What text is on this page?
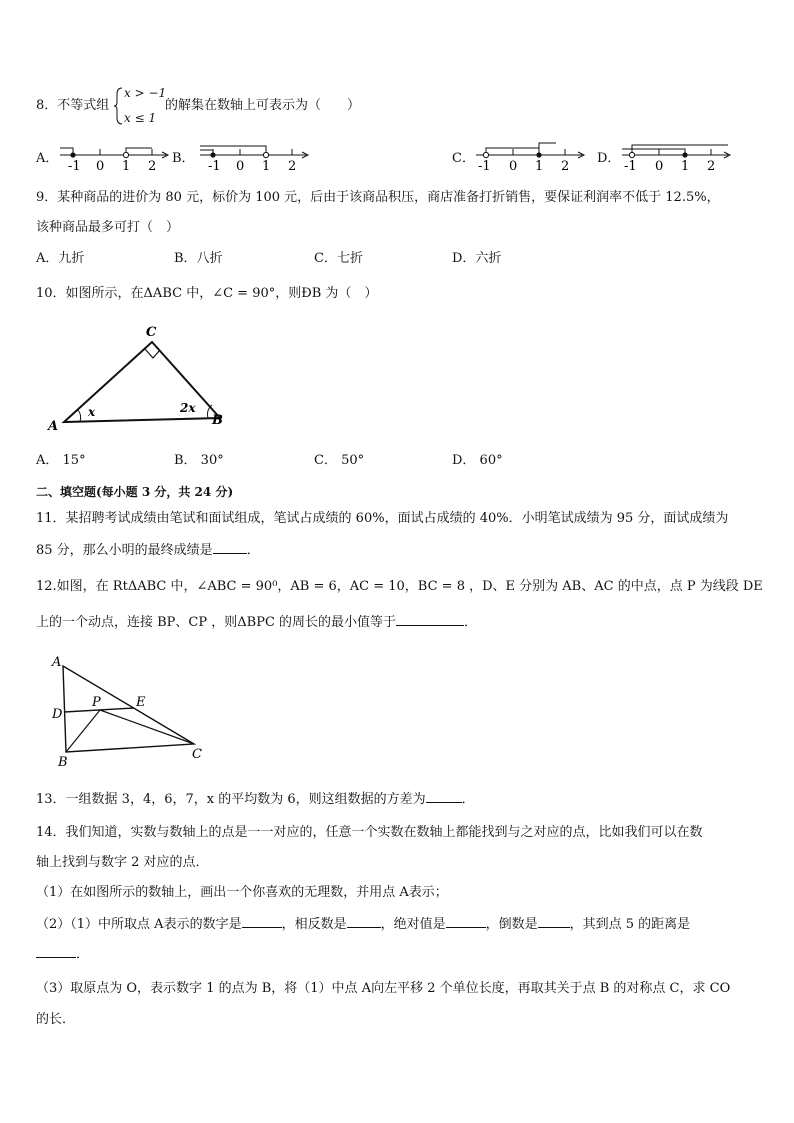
8．不等式组
x > −1
x ≤ 1
的解集在数轴上可表示为（　　）
A．	B．	C．	D．
-1 0 1 2	-1 0 1 2	-1 0 1 2	-1 0 1 2
9．某种商品的进价为 80 元，标价为 100 元，后由于该商品积压，商店准备打折销售，要保证利润率不低于 12.5%，
该种商品最多可打（　）
A．九折	B．八折	C．七折	D．六折
10．如图所示，在ΔABC 中，∠C = 90°，则ÐB 为（　）
C
A	B
x	2x
A． 15°	B． 30°	C． 50°	D． 60°
二、填空题(每小题 3 分，共 24 分)
11．某招聘考试成绩由笔试和面试组成，笔试占成绩的 60%，面试占成绩的 40%．小明笔试成绩为 95 分，面试成绩为
85 分，那么小明的最终成绩是	．
12.如图，在 RtΔABC 中，∠ABC = 90⁰，AB = 6，AC = 10，BC = 8 ，D、E 分别为 AB、AC 的中点，点 P 为线段 DE
上的一个动点，连接 BP、CP ，则ΔBPC 的周长的最小值等于	．
A
D
P	E
B
C
13．一组数据 3，4，6，7，x 的平均数为 6，则这组数据的方差为	．
14．我们知道，实数与数轴上的点是一一对应的，任意一个实数在数轴上都能找到与之对应的点，比如我们可以在数
轴上找到与数字 2 对应的点．
（1）在如图所示的数轴上，画出一个你喜欢的无理数，并用点 A表示；
（2）（1）中所取点 A表示的数字是	，相反数是	，绝对值是	，倒数是 ，其到点 5 的距离是
．
（3）取原点为 O，表示数字 1 的点为 B，将（1）中点 A向左平移 2 个单位长度，再取其关于点 B 的对称点 C，求 CO
的长．
